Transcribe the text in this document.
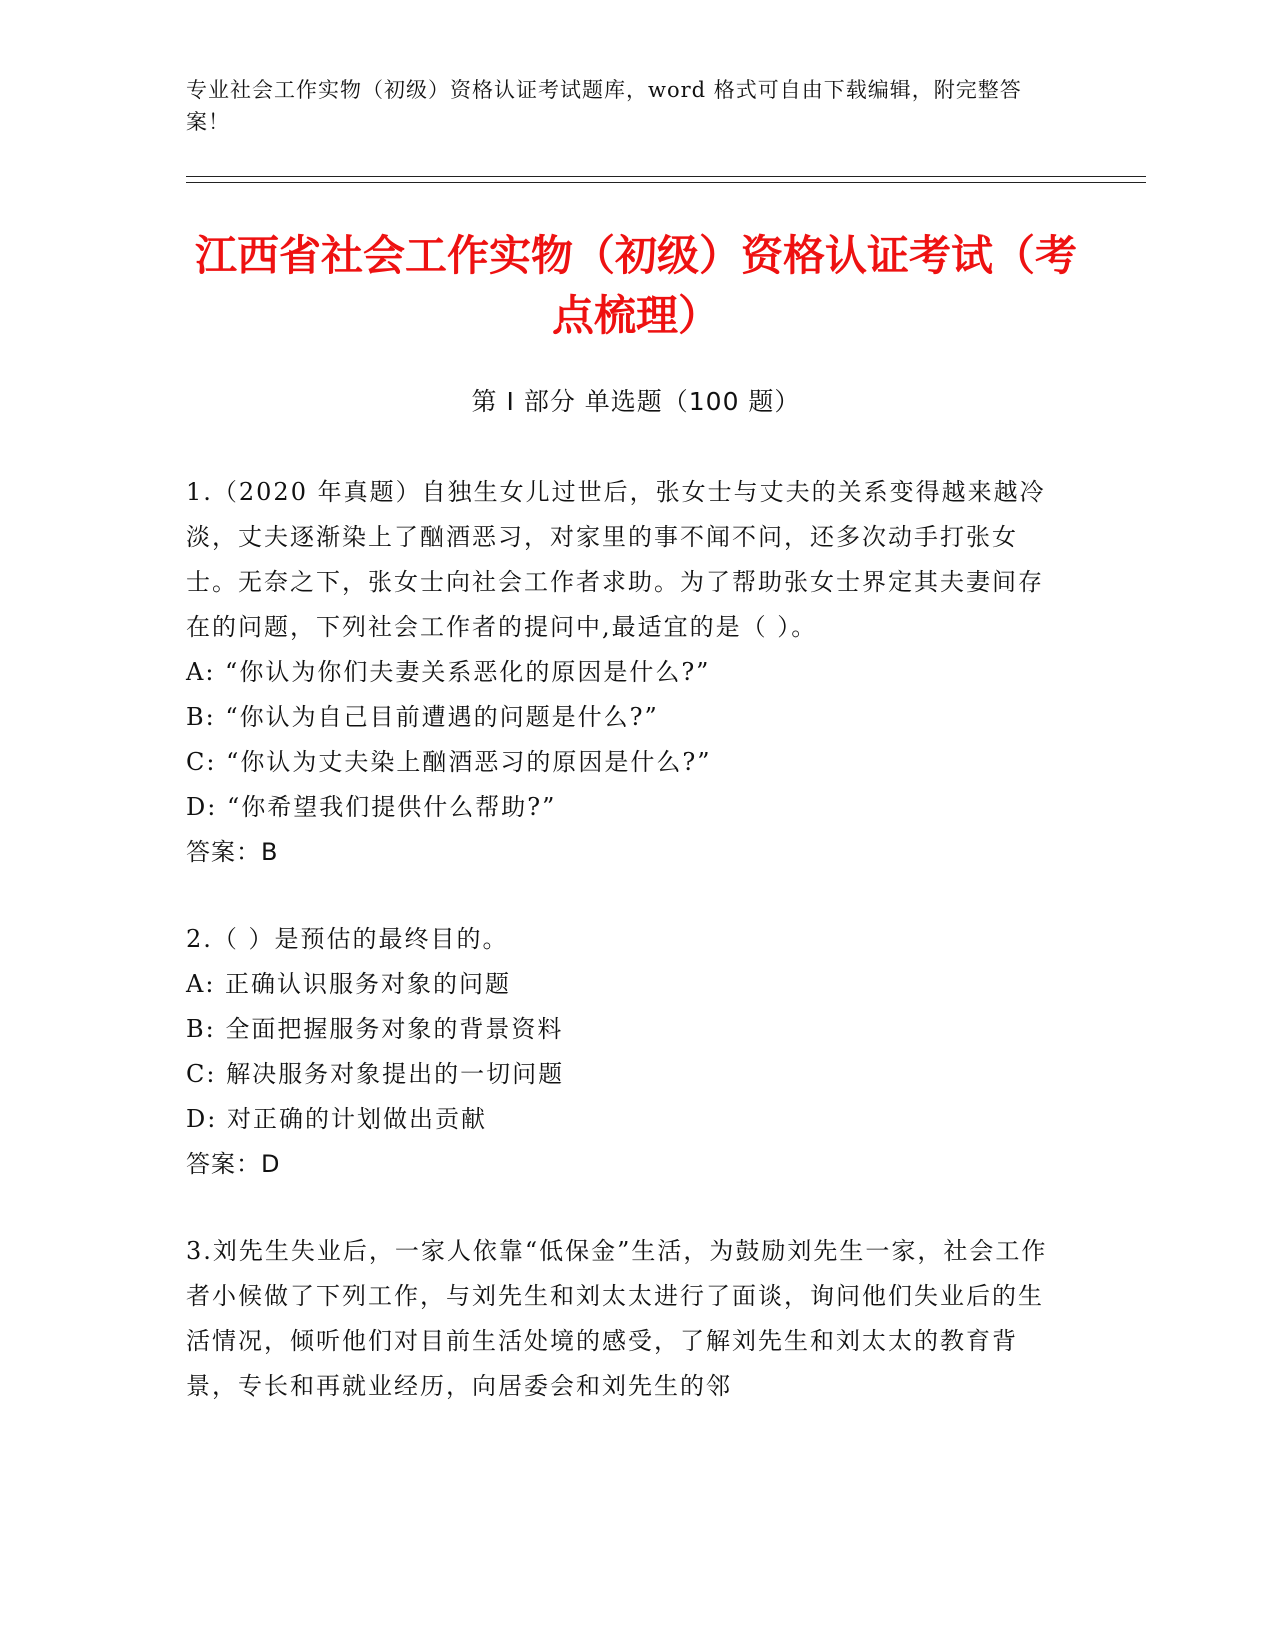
专业社会工作实物（初级）资格认证考试题库，word 格式可自由下载编辑，附完整答案！
江西省社会工作实物（初级）资格认证考试（考点梳理）
第 I 部分 单选题（100 题）
1.（2020 年真题）自独生女儿过世后，张女士与丈夫的关系变得越来越冷淡，丈夫逐渐染上了酗酒恶习，对家里的事不闻不问，还多次动手打张女士。无奈之下，张女士向社会工作者求助。为了帮助张女士界定其夫妻间存在的问题，下列社会工作者的提问中,最适宜的是（ ）。
A: “你认为你们夫妻关系恶化的原因是什么?”
B: “你认为自己目前遭遇的问题是什么?”
C: “你认为丈夫染上酗酒恶习的原因是什么?”
D: “你希望我们提供什么帮助?”
答案：B
2.（ ）是预估的最终目的。
A: 正确认识服务对象的问题
B: 全面把握服务对象的背景资料
C: 解决服务对象提出的一切问题
D: 对正确的计划做出贡献
答案：D
3.刘先生失业后，一家人依靠“低保金”生活，为鼓励刘先生一家，社会工作者小候做了下列工作，与刘先生和刘太太进行了面谈，询问他们失业后的生活情况，倾听他们对目前生活处境的感受，了解刘先生和刘太太的教育背景，专长和再就业经历，向居委会和刘先生的邻
